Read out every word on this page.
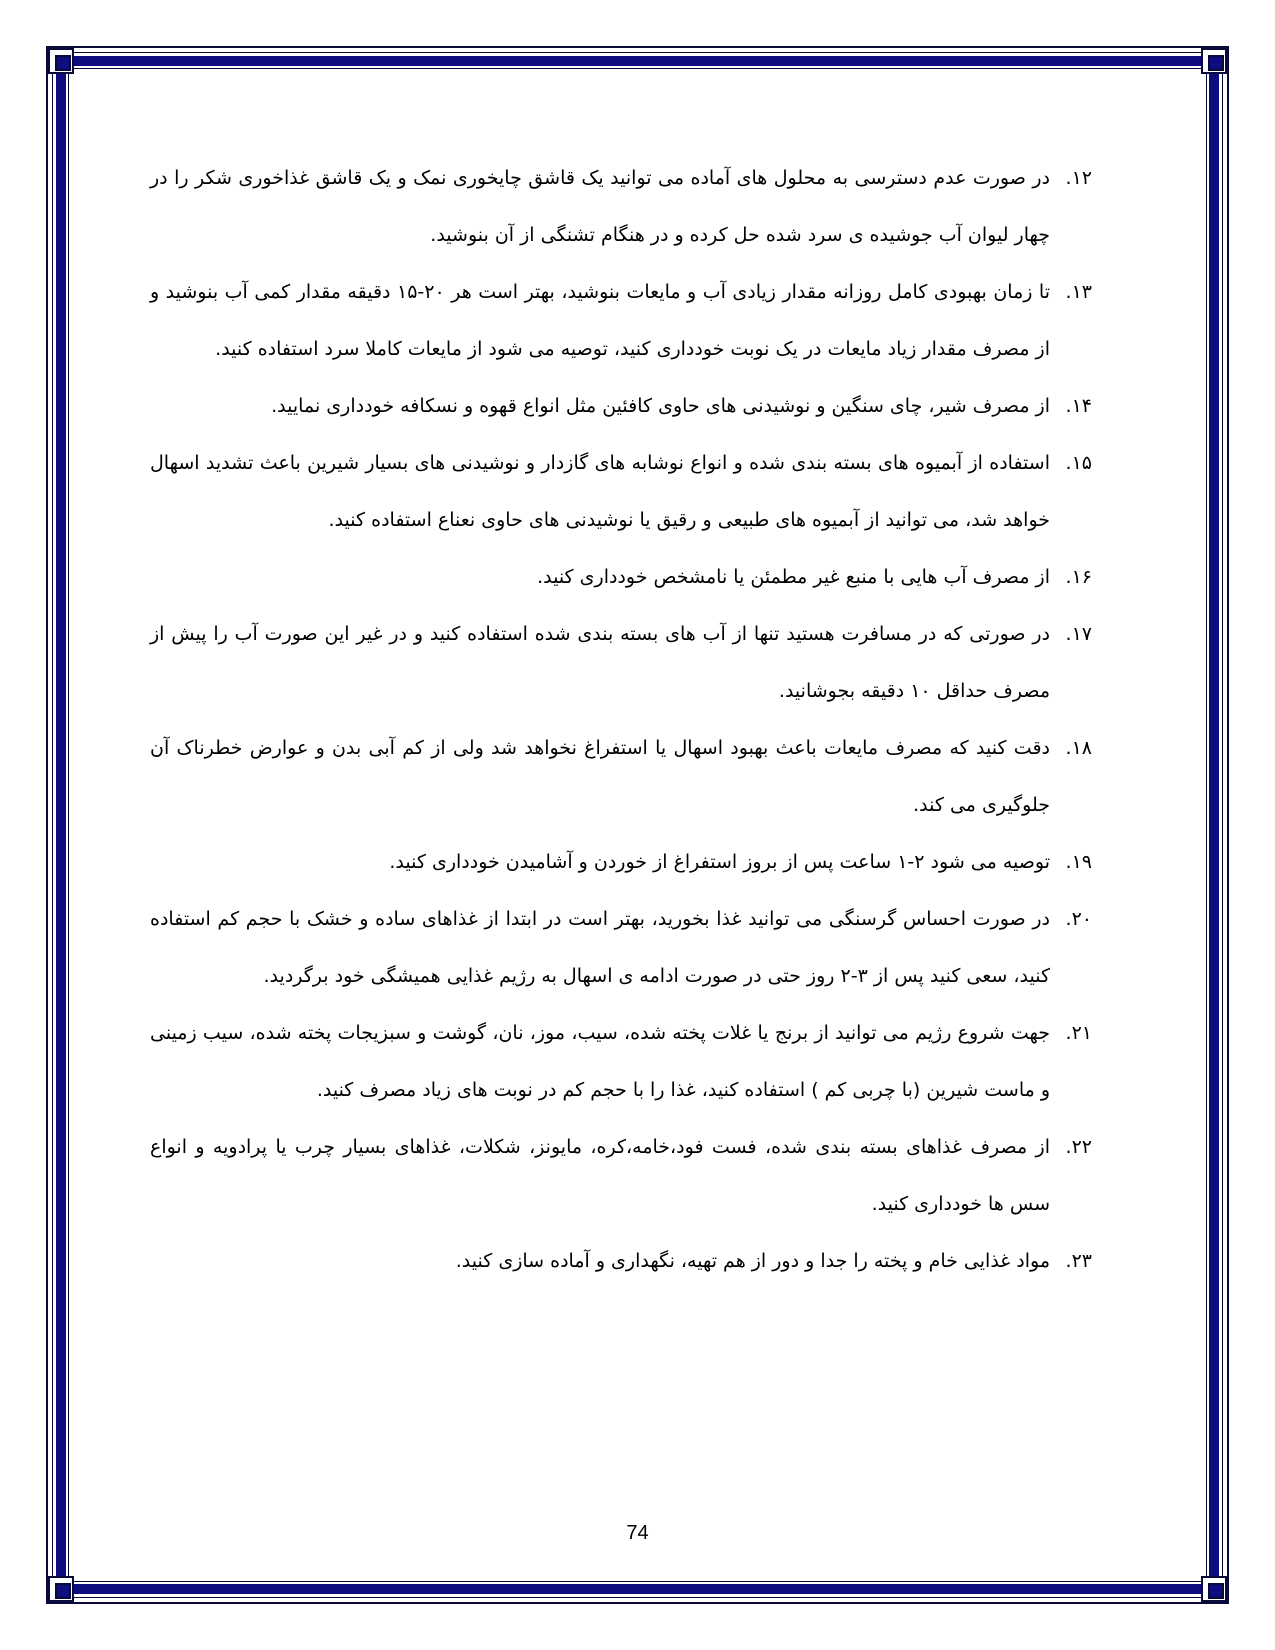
۱۲.
در صورت عدم دسترسی به محلول های آماده می توانید یک قاشق چایخوری نمک و یک قاشق غذاخوری شکر را در چهار لیوان آب جوشیده ی سرد شده حل کرده و در هنگام تشنگی از آن بنوشید.
۱۳.
تا زمان بهبودی کامل روزانه مقدار زیادی آب و مایعات بنوشید، بهتر است هر ۲۰-۱۵ دقیقه مقدار کمی آب بنوشید و از مصرف مقدار زیاد مایعات در یک نوبت خودداری کنید، توصیه می شود از مایعات کاملا سرد استفاده کنید.
۱۴.
از مصرف شیر، چای سنگین و نوشیدنی های حاوی کافئین مثل انواع قهوه و نسکافه خودداری نمایید.
۱۵.
استفاده از آبمیوه های بسته بندی شده و انواع نوشابه های گازدار و نوشیدنی های بسیار شیرین باعث تشدید اسهال خواهد شد، می توانید از آبمیوه های طبیعی و رقیق یا نوشیدنی های حاوی نعناع استفاده کنید.
۱۶.
از مصرف آب هایی با منبع غیر مطمئن یا نامشخص خودداری کنید.
۱۷.
در صورتی که در مسافرت هستید تنها از آب های بسته بندی شده استفاده کنید و در غیر این صورت آب را پیش از مصرف حداقل ۱۰ دقیقه بجوشانید.
۱۸.
دقت کنید که مصرف مایعات باعث بهبود اسهال یا استفراغ نخواهد شد ولی از کم آبی بدن و عوارض خطرناک آن جلوگیری می کند.
۱۹.
توصیه می شود ۲-۱ ساعت پس از بروز استفراغ از خوردن و آشامیدن خودداری کنید.
۲۰.
در صورت احساس گرسنگی می توانید غذا بخورید، بهتر است در ابتدا از غذاهای ساده و خشک با حجم کم استفاده کنید، سعی کنید پس از ۳-۲ روز حتی در صورت ادامه ی اسهال به رژیم غذایی همیشگی خود برگردید.
۲۱.
جهت شروع رژیم می توانید از برنج یا غلات پخته شده، سیب، موز، نان، گوشت و سبزیجات پخته شده، سیب زمینی و ماست شیرین (با چربی کم ) استفاده کنید، غذا را با حجم کم در نوبت های زیاد مصرف کنید.
۲۲.
از مصرف غذاهای بسته بندی شده، فست فود،خامه،کره، مایونز، شکلات، غذاهای بسیار چرب یا پرادویه و انواع سس ها خودداری کنید.
۲۳.
مواد غذایی خام و پخته را جدا و دور از هم تهیه، نگهداری و آماده سازی کنید.
74
